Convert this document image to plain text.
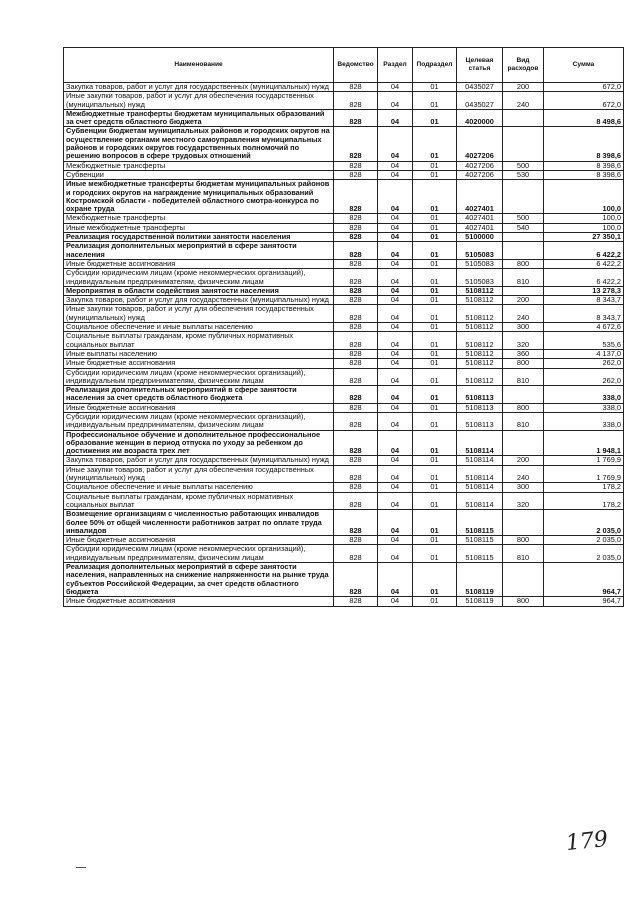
Наименование	Ведомство	Раздел	Подраздел	Целевая статья	Вид расходов	Сумма
Закупка товаров, работ и услуг для государственных (муниципальных) нужд	828	04	01	0435027	200	672,0
Иные закупки товаров, работ и услуг для обеспечения государственных (муниципальных) нужд	828	04	01	0435027	240	672,0
Межбюджетные трансферты бюджетам муниципальных образований за счет средств областного бюджета	828	04	01	4020000		8 498,6
Субвенции бюджетам муниципальных районов и городских округов на осуществление органами местного самоуправления муниципальных районов и городских округов государственных полномочий по решению вопросов в сфере трудовых отношений	828	04	01	4027206		8 398,6
Межбюджетные трансферты	828	04	01	4027206	500	8 398,6
Субвенции	828	04	01	4027206	530	8 398,6
Иные межбюджетные трансферты бюджетам муниципальных районов и городских округов на награждение муниципальных образований Костромской области - победителей областного смотра-конкурса по охране труда	828	04	01	4027401		100,0
Межбюджетные трансферты	828	04	01	4027401	500	100,0
Иные межбюджетные трансферты	828	04	01	4027401	540	100,0
Реализация государственной политики занятости населения	828	04	01	5100000		27 350,1
Реализация дополнительных мероприятий в сфере занятости населения	828	04	01	5105083		6 422,2
Иные бюджетные ассигнования	828	04	01	5105083	800	6 422,2
Субсидии юридическим лицам (кроме некоммерческих организаций), индивидуальным предпринимателям, физическим лицам	828	04	01	5105083	810	6 422,2
Мероприятия в области содействия занятости населения	828	04	01	5108112		13 278,3
Закупка товаров, работ и услуг для государственных (муниципальных) нужд	828	04	01	5108112	200	8 343,7
Иные закупки товаров, работ и услуг для обеспечения государственных (муниципальных) нужд	828	04	01	5108112	240	8 343,7
Социальное обеспечение и иные выплаты населению	828	04	01	5108112	300	4 672,6
Социальные выплаты гражданам, кроме публичных нормативных социальных выплат	828	04	01	5108112	320	535,6
Иные выплаты населению	828	04	01	5108112	360	4 137,0
Иные бюджетные ассигнования	828	04	01	5108112	800	262,0
Субсидии юридическим лицам (кроме некоммерческих организаций), индивидуальным предпринимателям, физическим лицам	828	04	01	5108112	810	262,0
Реализация дополнительных мероприятий в сфере занятости населения за счет средств областного бюджета	828	04	01	5108113		338,0
Иные бюджетные ассигнования	828	04	01	5108113	800	338,0
Субсидии юридическим лицам (кроме некоммерческих организаций), индивидуальным предпринимателям, физическим лицам	828	04	01	5108113	810	338,0
Профессиональное обучение и дополнительное профессиональное образование женщин в период отпуска по уходу за ребенком до достижения им возраста трех лет	828	04	01	5108114		1 948,1
Закупка товаров, работ и услуг для государственных (муниципальных) нужд	828	04	01	5108114	200	1 769,9
Иные закупки товаров, работ и услуг для обеспечения государственных (муниципальных) нужд	828	04	01	5108114	240	1 769,9
Социальное обеспечение и иные выплаты населению	828	04	01	5108114	300	178,2
Социальные выплаты гражданам, кроме публичных нормативных социальных выплат	828	04	01	5108114	320	178,2
Возмещение организациям с численностью работающих инвалидов более 50% от общей численности работников затрат по оплате труда инвалидов	828	04	01	5108115		2 035,0
Иные бюджетные ассигнования	828	04	01	5108115	800	2 035,0
Субсидии юридическим лицам (кроме некоммерческих организаций), индивидуальным предпринимателям, физическим лицам	828	04	01	5108115	810	2 035,0
Реализация дополнительных мероприятий в сфере занятости населения, направленных на снижение напряженности на рынке труда субъектов Российской Федерации, за счет средств областного бюджета	828	04	01	5108119		964,7
Иные бюджетные ассигнования	828	04	01	5108119	800	964,7
179
